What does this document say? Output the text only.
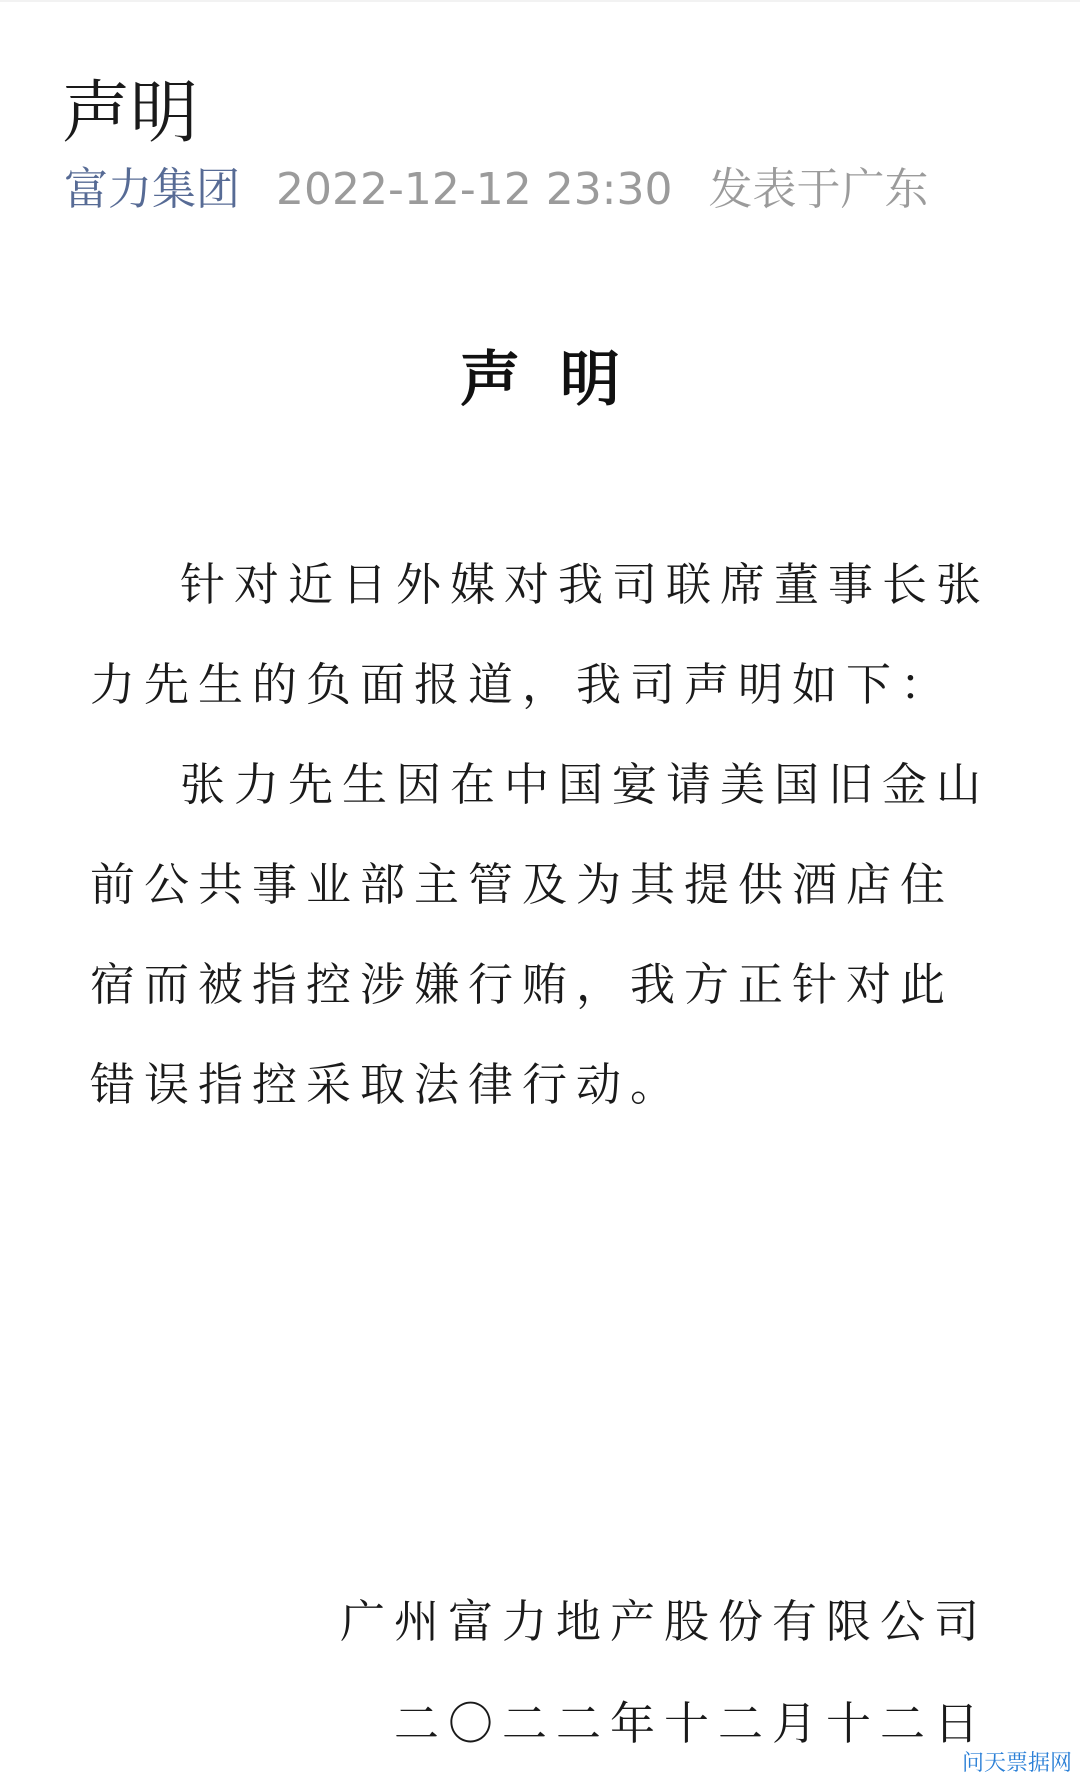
声明
富力集团 2022-12-12 23:30 发表于广东
声明

针对近日外媒对我司联席董事长张力先生的负面报道，我司声明如下：

张力先生因在中国宴请美国旧金山前公共事业部主管及为其提供酒店住宿而被指控涉嫌行贿，我方正针对此错误指控采取法律行动。

广州富力地产股份有限公司
二〇二二年十二月十二日
问天票据网
